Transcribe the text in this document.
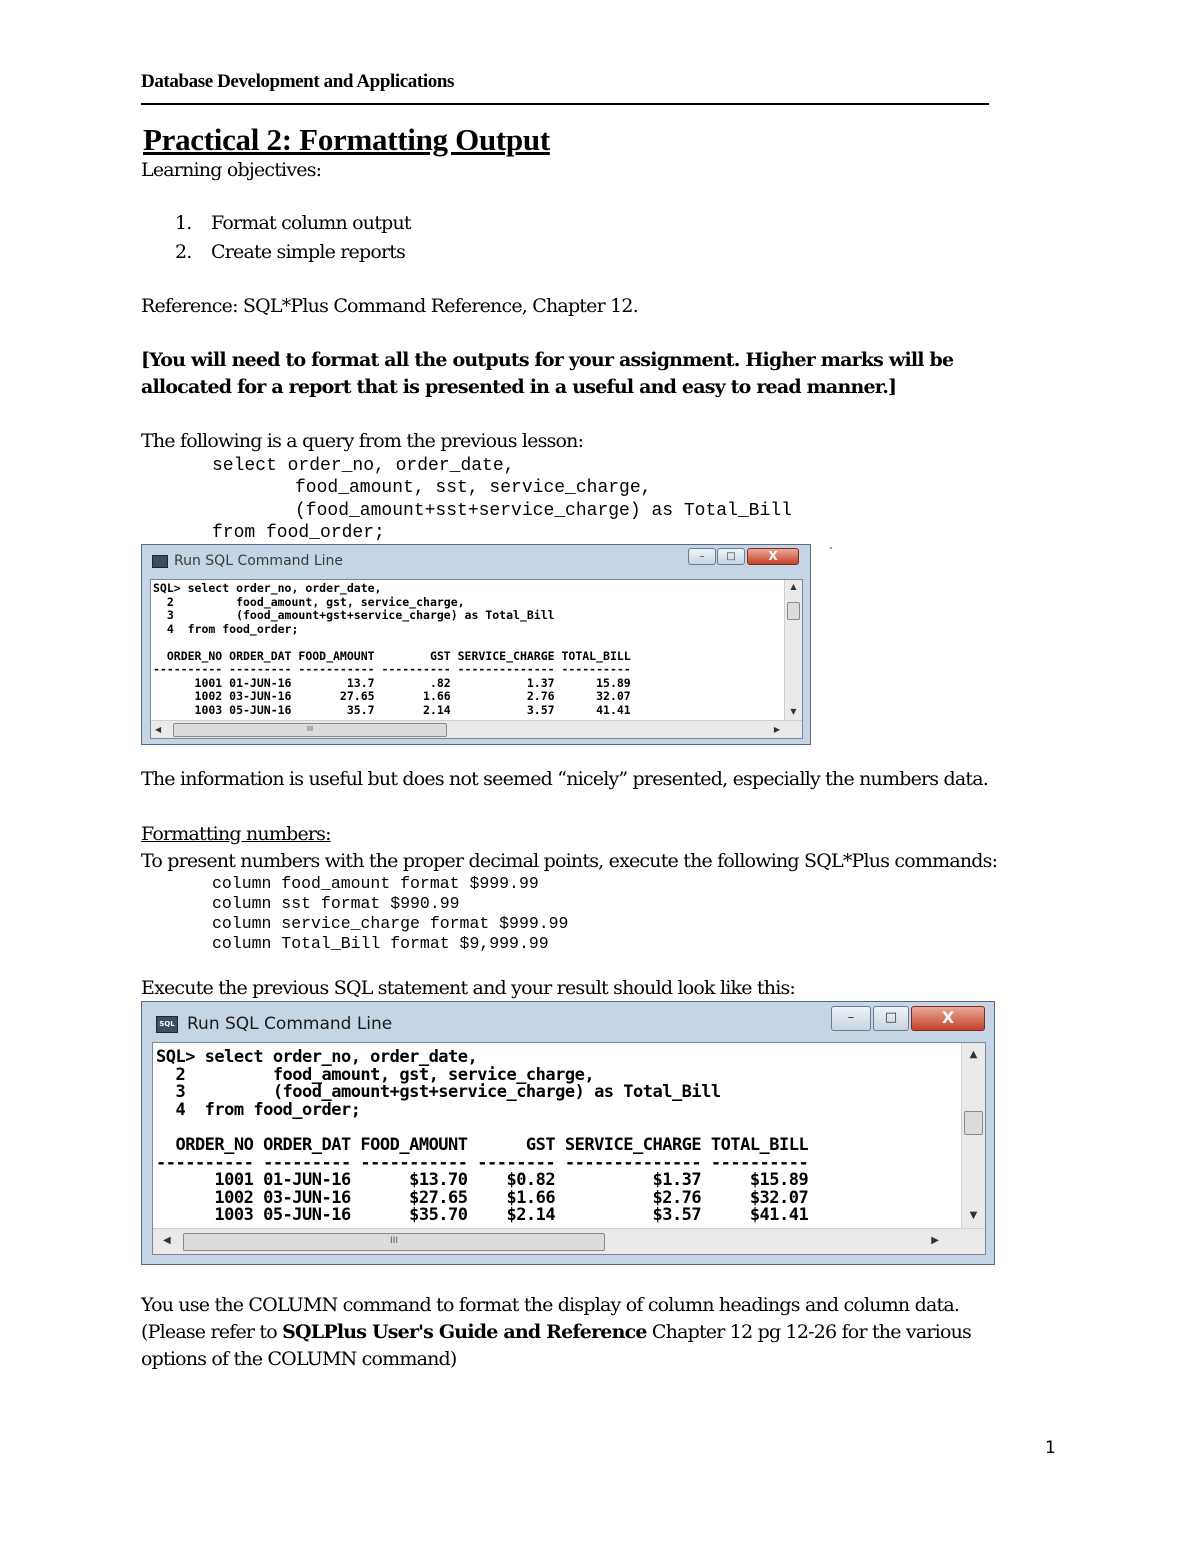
Database Development and Applications
Practical 2: Formatting Output
Learning objectives:
1. Format column output
2. Create simple reports
Reference: SQL*Plus Command Reference, Chapter 12.
[You will need to format all the outputs for your assignment. Higher marks will be
allocated for a report that is presented in a useful and easy to read manner.]
The following is a query from the previous lesson:
select order_no, order_date,
food_amount, sst, service_charge,
(food_amount+sst+service_charge) as Total_Bill
from food_order;
Run SQL Command Line	–	□	X
SQL> select order_no, order_date,
2         food_amount, gst, service_charge,
3         (food_amount+gst+service_charge) as Total_Bill
4  from food_order;

ORDER_NO ORDER_DAT FOOD_AMOUNT        GST SERVICE_CHARGE TOTAL_BILL
---------- --------- ----------- ---------- -------------- ----------
1001 01-JUN-16        13.7        .82           1.37      15.89
1002 03-JUN-16       27.65       1.66           2.76      32.07
1003 05-JUN-16        35.7       2.14           3.57      41.41
▲
▼
◀	III	▶
The information is useful but does not seemed “nicely” presented, especially the numbers data.
Formatting numbers:
To present numbers with the proper decimal points, execute the following SQL*Plus commands:
column food_amount format $999.99
column sst format $990.99
column service_charge format $999.99
column Total_Bill format $9,999.99
Execute the previous SQL statement and your result should look like this:
SQL Run SQL Command Line	–	□	X
SQL> select order_no, order_date,
2         food_amount, gst, service_charge,
3         (food_amount+gst+service_charge) as Total_Bill
4  from food_order;

ORDER_NO ORDER_DAT FOOD_AMOUNT      GST SERVICE_CHARGE TOTAL_BILL
---------- --------- ----------- -------- -------------- ----------
1001 01-JUN-16      $13.70    $0.82          $1.37     $15.89
1002 03-JUN-16      $27.65    $1.66          $2.76     $32.07
1003 05-JUN-16      $35.70    $2.14          $3.57     $41.41
▲
▼
◀	III	▶
You use the COLUMN command to format the display of column headings and column data.
(Please refer to SQLPlus User's Guide and Reference Chapter 12 pg 12-26 for the various
options of the COLUMN command)
1
